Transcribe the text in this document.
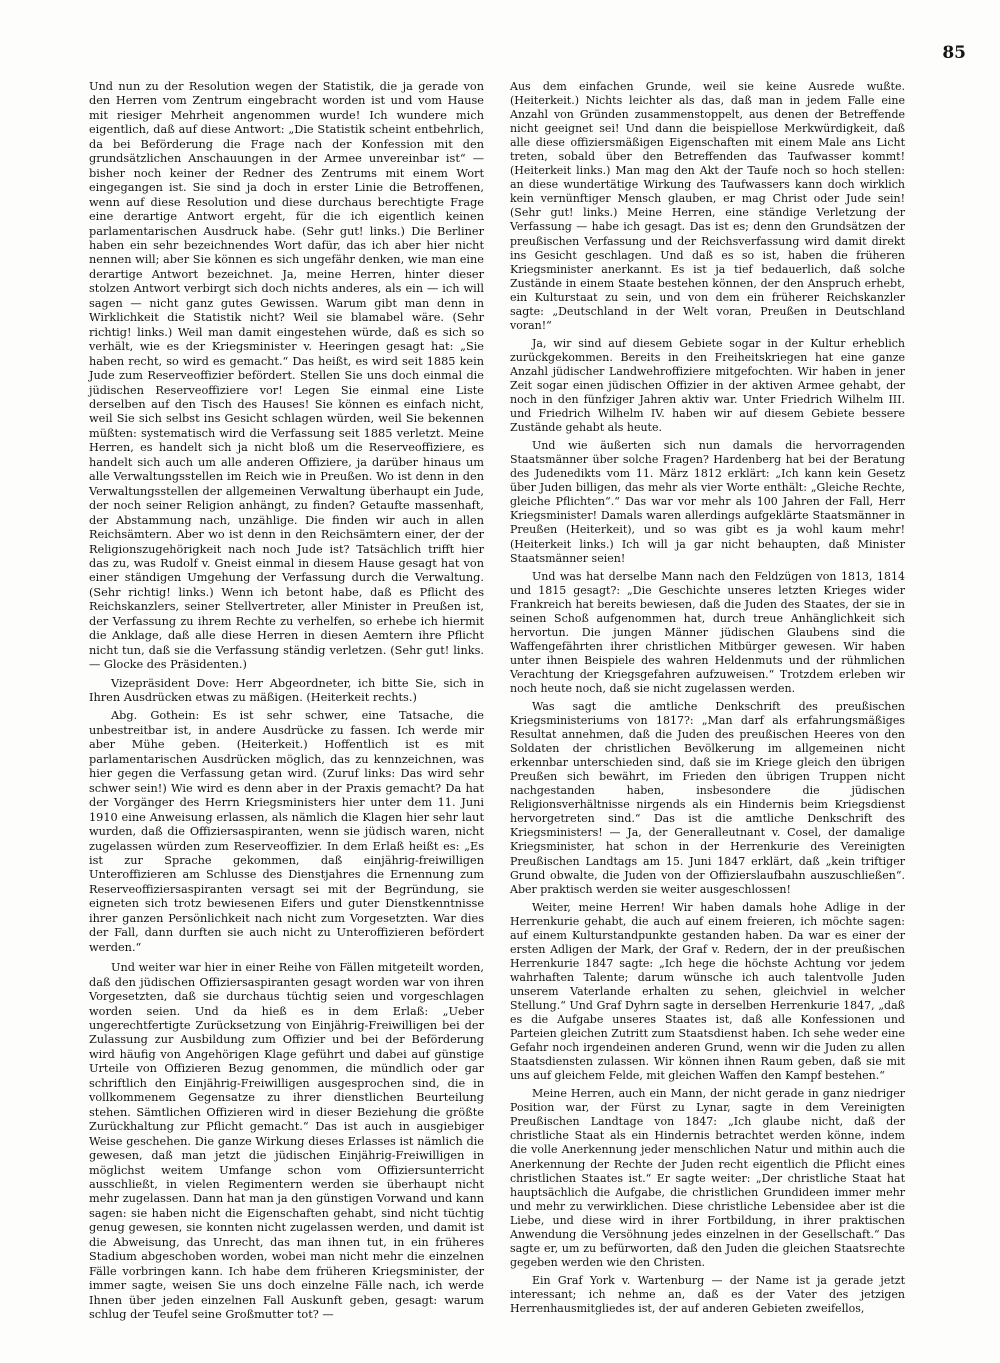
85

Und nun zu der Resolution wegen der Statistik, die ja gerade von den Herren vom Zentrum eingebracht worden ist und vom Hause mit riesiger Mehrheit angenommen wurde! Ich wundere mich eigentlich, daß auf diese Antwort: „Die Statistik scheint entbehrlich, da bei Beförderung die Frage nach der Konfession mit den grundsätzlichen Anschauungen in der Armee unvereinbar ist“ — bisher noch keiner der Redner des Zentrums mit einem Wort eingegangen ist. Sie sind ja doch in erster Linie die Betroffenen, wenn auf diese Resolution und diese durchaus berechtigte Frage eine derartige Antwort ergeht, für die ich eigentlich keinen parlamentarischen Ausdruck habe. (Sehr gut! links.) Die Berliner haben ein sehr bezeichnendes Wort dafür, das ich aber hier nicht nennen will; aber Sie können es sich ungefähr denken, wie man eine derartige Antwort bezeichnet. Ja, meine Herren, hinter dieser stolzen Antwort verbirgt sich doch nichts anderes, als ein — ich will sagen — nicht ganz gutes Gewissen. Warum gibt man denn in Wirklichkeit die Statistik nicht? Weil sie blamabel wäre. (Sehr richtig! links.) Weil man damit eingestehen würde, daß es sich so verhält, wie es der Kriegsminister v. Heeringen gesagt hat: „Sie haben recht, so wird es gemacht.“ Das heißt, es wird seit 1885 kein Jude zum Reserveoffizier befördert. Stellen Sie uns doch einmal die jüdischen Reserveoffiziere vor! Legen Sie einmal eine Liste derselben auf den Tisch des Hauses! Sie können es einfach nicht, weil Sie sich selbst ins Gesicht schlagen würden, weil Sie bekennen müßten: systematisch wird die Verfassung seit 1885 verletzt. Meine Herren, es handelt sich ja nicht bloß um die Reserveoffiziere, es handelt sich auch um alle anderen Offiziere, ja darüber hinaus um alle Verwaltungsstellen im Reich wie in Preußen. Wo ist denn in den Verwaltungsstellen der allgemeinen Verwaltung überhaupt ein Jude, der noch seiner Religion anhängt, zu finden? Getaufte massenhaft, der Abstammung nach, unzählige. Die finden wir auch in allen Reichsämtern. Aber wo ist denn in den Reichsämtern einer, der der Religionszugehörigkeit nach noch Jude ist? Tatsächlich trifft hier das zu, was Rudolf v. Gneist einmal in diesem Hause gesagt hat von einer ständigen Umgehung der Verfassung durch die Verwaltung. (Sehr richtig! links.) Wenn ich betont habe, daß es Pflicht des Reichskanzlers, seiner Stellvertreter, aller Minister in Preußen ist, der Verfassung zu ihrem Rechte zu verhelfen, so erhebe ich hiermit die Anklage, daß alle diese Herren in diesen Aemtern ihre Pflicht nicht tun, daß sie die Verfassung ständig verletzen. (Sehr gut! links. — Glocke des Präsidenten.)

Vizepräsident Dove: Herr Abgeordneter, ich bitte Sie, sich in Ihren Ausdrücken etwas zu mäßigen. (Heiterkeit rechts.)

Abg. Gothein: Es ist sehr schwer, eine Tatsache, die unbestreitbar ist, in andere Ausdrücke zu fassen. Ich werde mir aber Mühe geben. (Heiterkeit.) Hoffentlich ist es mit parlamentarischen Ausdrücken möglich, das zu kennzeichnen, was hier gegen die Verfassung getan wird. (Zuruf links: Das wird sehr schwer sein!) Wie wird es denn aber in der Praxis gemacht? Da hat der Vorgänger des Herrn Kriegsministers hier unter dem 11. Juni 1910 eine Anweisung erlassen, als nämlich die Klagen hier sehr laut wurden, daß die Offiziersaspiranten, wenn sie jüdisch waren, nicht zugelassen würden zum Reserveoffizier. In dem Erlaß heißt es: „Es ist zur Sprache gekommen, daß einjährig-freiwilligen Unteroffizieren am Schlusse des Dienstjahres die Ernennung zum Reserveoffiziersaspiranten versagt sei mit der Begründung, sie eigneten sich trotz bewiesenen Eifers und guter Dienstkenntnisse ihrer ganzen Persönlichkeit nach nicht zum Vorgesetzten. War dies der Fall, dann durften sie auch nicht zu Unteroffizieren befördert werden.“

Und weiter war hier in einer Reihe von Fällen mitgeteilt worden, daß den jüdischen Offiziersaspiranten gesagt worden war von ihren Vorgesetzten, daß sie durchaus tüchtig seien und vorgeschlagen worden seien. Und da hieß es in dem Erlaß: „Ueber ungerechtfertigte Zurücksetzung von Einjährig-Freiwilligen bei der Zulassung zur Ausbildung zum Offizier und bei der Beförderung wird häufig von Angehörigen Klage geführt und dabei auf günstige Urteile von Offizieren Bezug genommen, die mündlich oder gar schriftlich den Einjährig-Freiwilligen ausgesprochen sind, die in vollkommenem Gegensatze zu ihrer dienstlichen Beurteilung stehen. Sämtlichen Offizieren wird in dieser Beziehung die größte Zurückhaltung zur Pflicht gemacht.“ Das ist auch in ausgiebiger Weise geschehen. Die ganze Wirkung dieses Erlasses ist nämlich die gewesen, daß man jetzt die jüdischen Einjährig-Freiwilligen in möglichst weitem Umfange schon vom Offiziersunterricht ausschließt, in vielen Regimentern werden sie überhaupt nicht mehr zugelassen. Dann hat man ja den günstigen Vorwand und kann sagen: sie haben nicht die Eigenschaften gehabt, sind nicht tüchtig genug gewesen, sie konnten nicht zugelassen werden, und damit ist die Abweisung, das Unrecht, das man ihnen tut, in ein früheres Stadium abgeschoben worden, wobei man nicht mehr die einzelnen Fälle vorbringen kann. Ich habe dem früheren Kriegsminister, der immer sagte, weisen Sie uns doch einzelne Fälle nach, ich werde Ihnen über jeden einzelnen Fall Auskunft geben, gesagt: warum schlug der Teufel seine Großmutter tot? —

Aus dem einfachen Grunde, weil sie keine Ausrede wußte. (Heiterkeit.) Nichts leichter als das, daß man in jedem Falle eine Anzahl von Gründen zusammenstoppelt, aus denen der Betreffende nicht geeignet sei! Und dann die beispiellose Merkwürdigkeit, daß alle diese offiziersmäßigen Eigenschaften mit einem Male ans Licht treten, sobald über den Betreffenden das Taufwasser kommt! (Heiterkeit links.) Man mag den Akt der Taufe noch so hoch stellen: an diese wundertätige Wirkung des Taufwassers kann doch wirklich kein vernünftiger Mensch glauben, er mag Christ oder Jude sein! (Sehr gut! links.) Meine Herren, eine ständige Verletzung der Verfassung — habe ich gesagt. Das ist es; denn den Grundsätzen der preußischen Verfassung und der Reichsverfassung wird damit direkt ins Gesicht geschlagen. Und daß es so ist, haben die früheren Kriegsminister anerkannt. Es ist ja tief bedauerlich, daß solche Zustände in einem Staate bestehen können, der den Anspruch erhebt, ein Kulturstaat zu sein, und von dem ein früherer Reichskanzler sagte: „Deutschland in der Welt voran, Preußen in Deutschland voran!“

Ja, wir sind auf diesem Gebiete sogar in der Kultur erheblich zurückgekommen. Bereits in den Freiheitskriegen hat eine ganze Anzahl jüdischer Landwehroffiziere mitgefochten. Wir haben in jener Zeit sogar einen jüdischen Offizier in der aktiven Armee gehabt, der noch in den fünfziger Jahren aktiv war. Unter Friedrich Wilhelm III. und Friedrich Wilhelm IV. haben wir auf diesem Gebiete bessere Zustände gehabt als heute.

Und wie äußerten sich nun damals die hervorragenden Staatsmänner über solche Fragen? Hardenberg hat bei der Beratung des Judenedikts vom 11. März 1812 erklärt: „Ich kann kein Gesetz über Juden billigen, das mehr als vier Worte enthält: „Gleiche Rechte, gleiche Pflichten“.“ Das war vor mehr als 100 Jahren der Fall, Herr Kriegsminister! Damals waren allerdings aufgeklärte Staatsmänner in Preußen (Heiterkeit), und so was gibt es ja wohl kaum mehr! (Heiterkeit links.) Ich will ja gar nicht behaupten, daß Minister Staatsmänner seien!

Und was hat derselbe Mann nach den Feldzügen von 1813, 1814 und 1815 gesagt?: „Die Geschichte unseres letzten Krieges wider Frankreich hat bereits bewiesen, daß die Juden des Staates, der sie in seinen Schoß aufgenommen hat, durch treue Anhänglichkeit sich hervortun. Die jungen Männer jüdischen Glaubens sind die Waffengefährten ihrer christlichen Mitbürger gewesen. Wir haben unter ihnen Beispiele des wahren Heldenmuts und der rühmlichen Verachtung der Kriegsgefahren aufzuweisen.“ Trotzdem erleben wir noch heute noch, daß sie nicht zugelassen werden.

Was sagt die amtliche Denkschrift des preußischen Kriegsministeriums von 1817?: „Man darf als erfahrungsmäßiges Resultat annehmen, daß die Juden des preußischen Heeres von den Soldaten der christlichen Bevölkerung im allgemeinen nicht erkennbar unterschieden sind, daß sie im Kriege gleich den übrigen Preußen sich bewährt, im Frieden den übrigen Truppen nicht nachgestanden haben, insbesondere die jüdischen Religionsverhältnisse nirgends als ein Hindernis beim Kriegsdienst hervorgetreten sind.“ Das ist die amtliche Denkschrift des Kriegsministers! — Ja, der Generalleutnant v. Cosel, der damalige Kriegsminister, hat schon in der Herrenkurie des Vereinigten Preußischen Landtags am 15. Juni 1847 erklärt, daß „kein triftiger Grund obwalte, die Juden von der Offizierslaufbahn auszuschließen“. Aber praktisch werden sie weiter ausgeschlossen!

Weiter, meine Herren! Wir haben damals hohe Adlige in der Herrenkurie gehabt, die auch auf einem freieren, ich möchte sagen: auf einem Kulturstandpunkte gestanden haben. Da war es einer der ersten Adligen der Mark, der Graf v. Redern, der in der preußischen Herrenkurie 1847 sagte: „Ich hege die höchste Achtung vor jedem wahrhaften Talente; darum wünsche ich auch talentvolle Juden unserem Vaterlande erhalten zu sehen, gleichviel in welcher Stellung.“ Und Graf Dyhrn sagte in derselben Herrenkurie 1847, „daß es die Aufgabe unseres Staates ist, daß alle Konfessionen und Parteien gleichen Zutritt zum Staatsdienst haben. Ich sehe weder eine Gefahr noch irgendeinen anderen Grund, wenn wir die Juden zu allen Staatsdiensten zulassen. Wir können ihnen Raum geben, daß sie mit uns auf gleichem Felde, mit gleichen Waffen den Kampf bestehen.“

Meine Herren, auch ein Mann, der nicht gerade in ganz niedriger Position war, der Fürst zu Lynar, sagte in dem Vereinigten Preußischen Landtage von 1847: „Ich glaube nicht, daß der christliche Staat als ein Hindernis betrachtet werden könne, indem die volle Anerkennung jeder menschlichen Natur und mithin auch die Anerkennung der Rechte der Juden recht eigentlich die Pflicht eines christlichen Staates ist.“ Er sagte weiter: „Der christliche Staat hat hauptsächlich die Aufgabe, die christlichen Grundideen immer mehr und mehr zu verwirklichen. Diese christliche Lebensidee aber ist die Liebe, und diese wird in ihrer Fortbildung, in ihrer praktischen Anwendung die Versöhnung jedes einzelnen in der Gesellschaft.“ Das sagte er, um zu befürworten, daß den Juden die gleichen Staatsrechte gegeben werden wie den Christen.

Ein Graf York v. Wartenburg — der Name ist ja gerade jetzt interessant; ich nehme an, daß es der Vater des jetzigen Herrenhausmitgliedes ist, der auf anderen Gebieten zweifellos,
